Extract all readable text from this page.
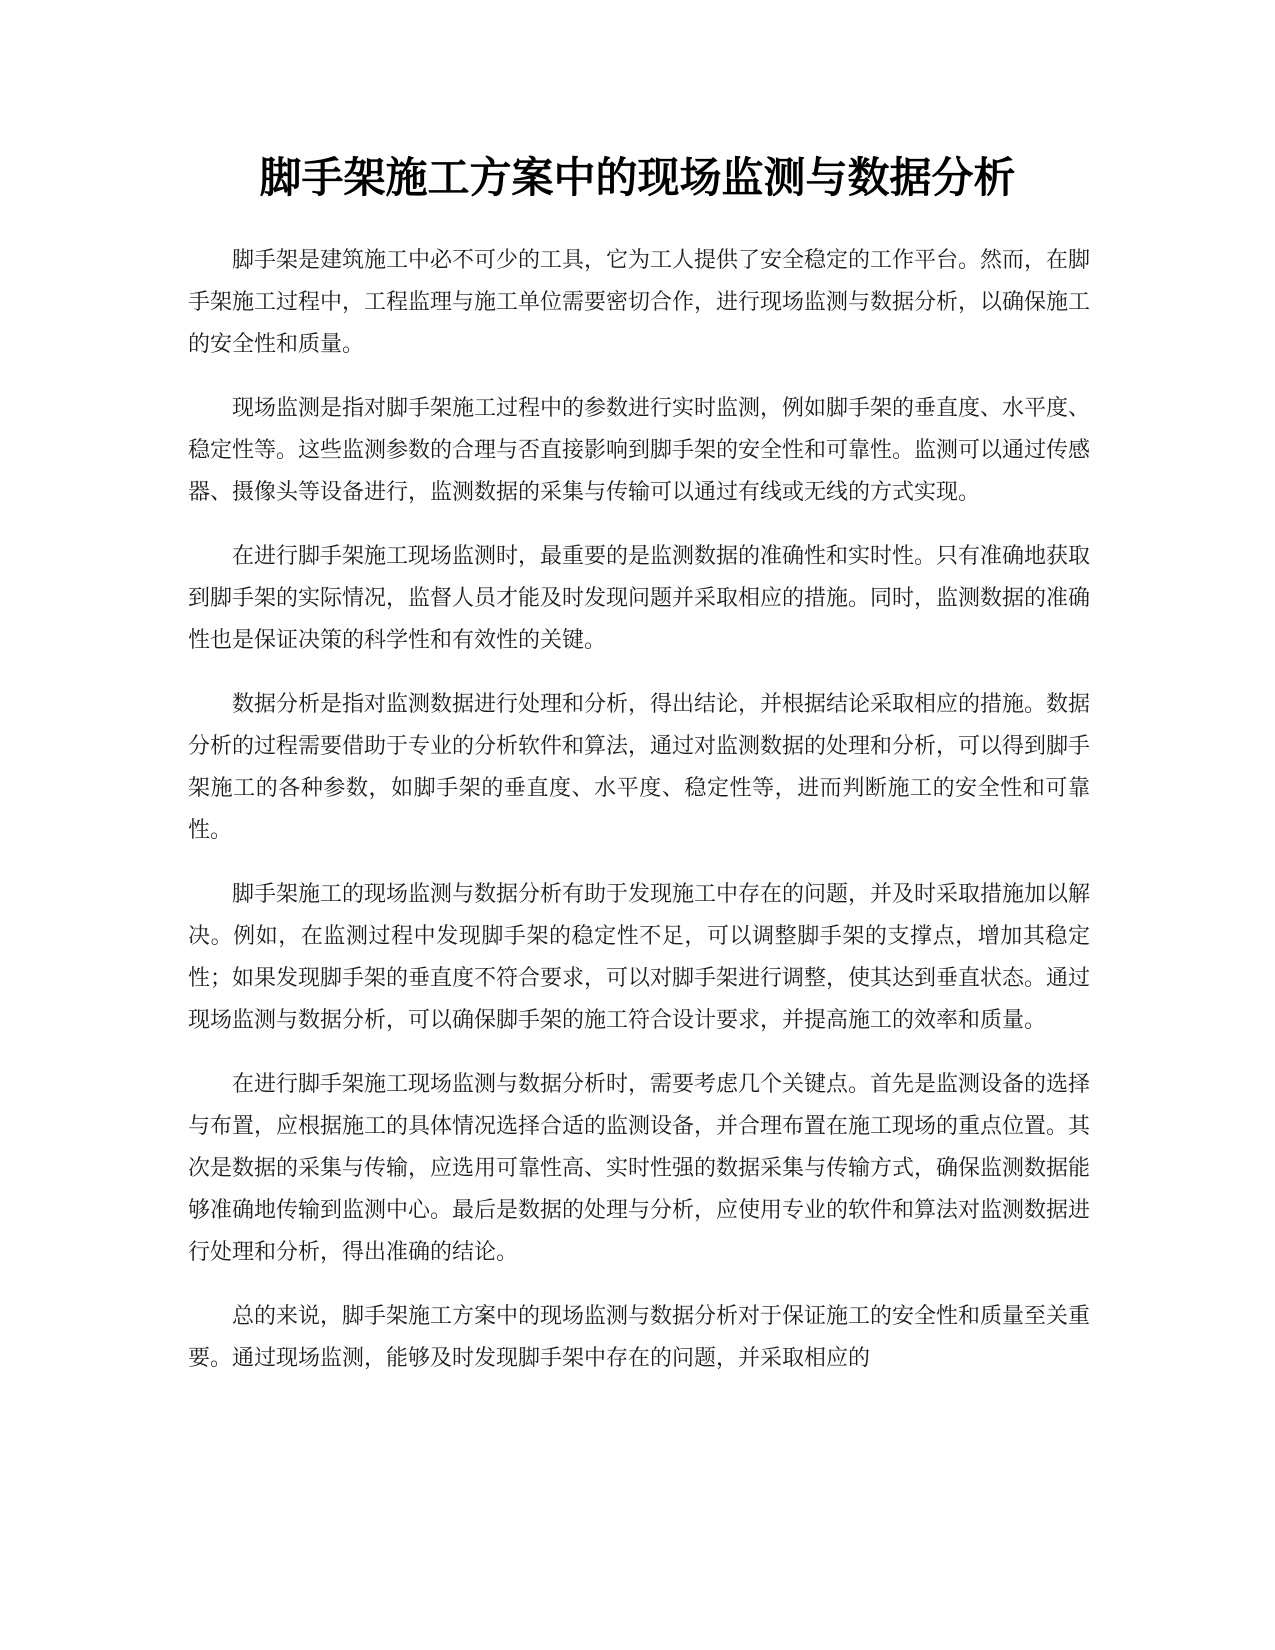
脚手架施工方案中的现场监测与数据分析

脚手架是建筑施工中必不可少的工具，它为工人提供了安全稳定的工作平台。然而，在脚手架施工过程中，工程监理与施工单位需要密切合作，进行现场监测与数据分析，以确保施工的安全性和质量。

现场监测是指对脚手架施工过程中的参数进行实时监测，例如脚手架的垂直度、水平度、稳定性等。这些监测参数的合理与否直接影响到脚手架的安全性和可靠性。监测可以通过传感器、摄像头等设备进行，监测数据的采集与传输可以通过有线或无线的方式实现。

在进行脚手架施工现场监测时，最重要的是监测数据的准确性和实时性。只有准确地获取到脚手架的实际情况，监督人员才能及时发现问题并采取相应的措施。同时，监测数据的准确性也是保证决策的科学性和有效性的关键。

数据分析是指对监测数据进行处理和分析，得出结论，并根据结论采取相应的措施。数据分析的过程需要借助于专业的分析软件和算法，通过对监测数据的处理和分析，可以得到脚手架施工的各种参数，如脚手架的垂直度、水平度、稳定性等，进而判断施工的安全性和可靠性。

脚手架施工的现场监测与数据分析有助于发现施工中存在的问题，并及时采取措施加以解决。例如，在监测过程中发现脚手架的稳定性不足，可以调整脚手架的支撑点，增加其稳定性；如果发现脚手架的垂直度不符合要求，可以对脚手架进行调整，使其达到垂直状态。通过现场监测与数据分析，可以确保脚手架的施工符合设计要求，并提高施工的效率和质量。

在进行脚手架施工现场监测与数据分析时，需要考虑几个关键点。首先是监测设备的选择与布置，应根据施工的具体情况选择合适的监测设备，并合理布置在施工现场的重点位置。其次是数据的采集与传输，应选用可靠性高、实时性强的数据采集与传输方式，确保监测数据能够准确地传输到监测中心。最后是数据的处理与分析，应使用专业的软件和算法对监测数据进行处理和分析，得出准确的结论。

总的来说，脚手架施工方案中的现场监测与数据分析对于保证施工的安全性和质量至关重要。通过现场监测，能够及时发现脚手架中存在的问题，并采取相应的
